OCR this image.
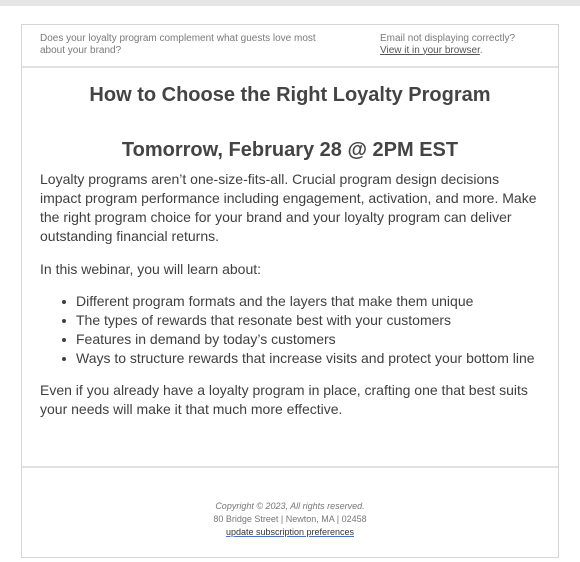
Does your loyalty program complement what guests love most about your brand?
Email not displaying correctly?
View it in your browser.
How to Choose the Right Loyalty Program
Tomorrow, February 28 @ 2PM EST

Loyalty programs aren’t one-size-fits-all. Crucial program design decisions impact program performance including engagement, activation, and more. Make the right program choice for your brand and your loyalty program can deliver outstanding financial returns.

In this webinar, you will learn about:

Different program formats and the layers that make them unique
The types of rewards that resonate best with your customers
Features in demand by today’s customers
Ways to structure rewards that increase visits and protect your bottom line

Even if you already have a loyalty program in place, crafting one that best suits your needs will make it that much more effective.

Copyright © 2023, All rights reserved.
80 Bridge Street | Newton, MA | 02458
update subscription preferences
